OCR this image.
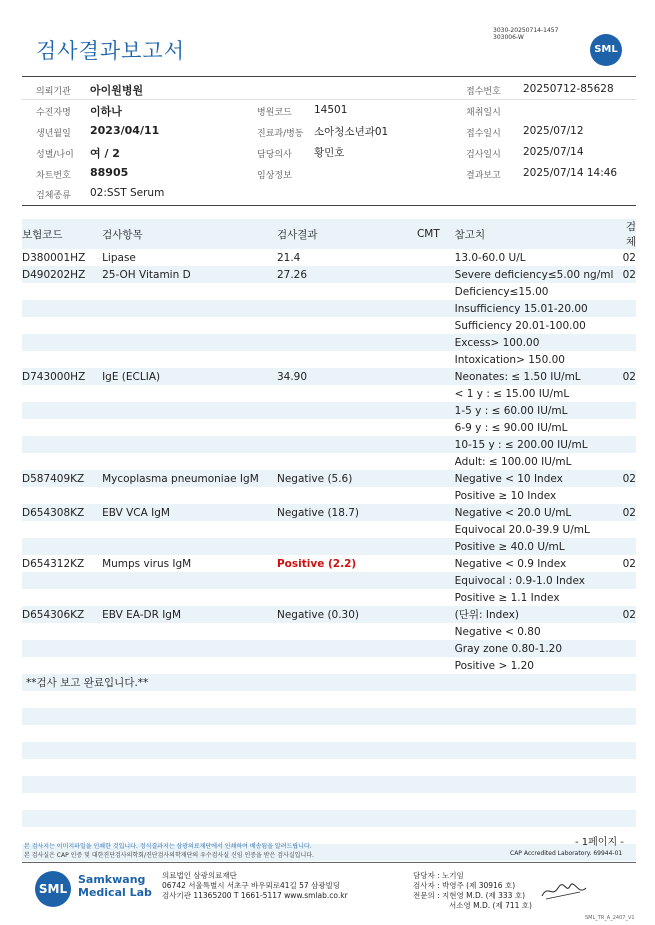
검사결과보고서
3030-20250714-1457
303006-W
SML
의뢰기관 아이원병원	접수번호 20250712-85628
수진자명 이하나	병원코드 14501	채취일시
생년월일 2023/04/11	진료과/병동 소아청소년과01	접수일시 2025/07/12
성별/나이 여 / 2	담당의사 황민호	검사일시 2025/07/14
차트번호 88905	임상정보	결과보고 2025/07/14 14:46
검체종류 02:SST Serum
보험코드	검사항목	검사결과	CMT	참고치	검체
D380001HZ	Lipase	21.4		13.0-60.0 U/L	02
D490202HZ	25-OH Vitamin D	27.26		Severe deficiency≤5.00 ng/ml	02
				Deficiency≤15.00	
				Insufficiency 15.01-20.00	
				Sufficiency 20.01-100.00	
				Excess> 100.00	
				Intoxication> 150.00	
D743000HZ	IgE (ECLIA)	34.90		Neonates: ≤ 1.50 IU/mL	02
				< 1 y : ≤ 15.00 IU/mL	
				1-5 y : ≤ 60.00 IU/mL	
				6-9 y : ≤ 90.00 IU/mL	
				10-15 y : ≤ 200.00 IU/mL	
				Adult: ≤ 100.00 IU/mL	
D587409KZ	Mycoplasma pneumoniae IgM	Negative (5.6)		Negative < 10 Index	02
				Positive ≥ 10 Index	
D654308KZ	EBV VCA IgM	Negative (18.7)		Negative < 20.0 U/mL	02
				Equivocal 20.0-39.9 U/mL	
				Positive ≥ 40.0 U/mL	
D654312KZ	Mumps virus IgM	Positive (2.2)		Negative < 0.9 Index	02
				Equivocal : 0.9-1.0 Index	
				Positive ≥ 1.1 Index	
D654306KZ	EBV EA-DR IgM	Negative (0.30)		(단위: Index)	02
				Negative < 0.80	
				Gray zone 0.80-1.20	
				Positive > 1.20	
**검사 보고 완료입니다.**					

- 1페이지 -
본 검사지는 이미지파일을 인쇄한 것입니다. 정식결과지는 삼광의료재단에서 인쇄하여 배송됨을 알려드립니다.
본 검사실은 CAP 인증 및 대한진단검사의학회/진단검사의학재단의 우수검사실 신임 인증을 받은 검사실입니다.	CAP Accredited Laboratory. 69944-01
SML
Samkwang
Medical Lab
의료법인 삼광의료재단
06742 서울특별시 서초구 바우뫼로41길 57 삼광빌딩
검사기관 11365200 T 1661-5117 www.smlab.co.kr
담당자 : 노기임
검사자 : 박영주 (제 30916 호)
전문의 : 지현영 M.D. (제 333 호)
서소영 M.D. (제 711 호)
SML_TR_A_2407_V1
